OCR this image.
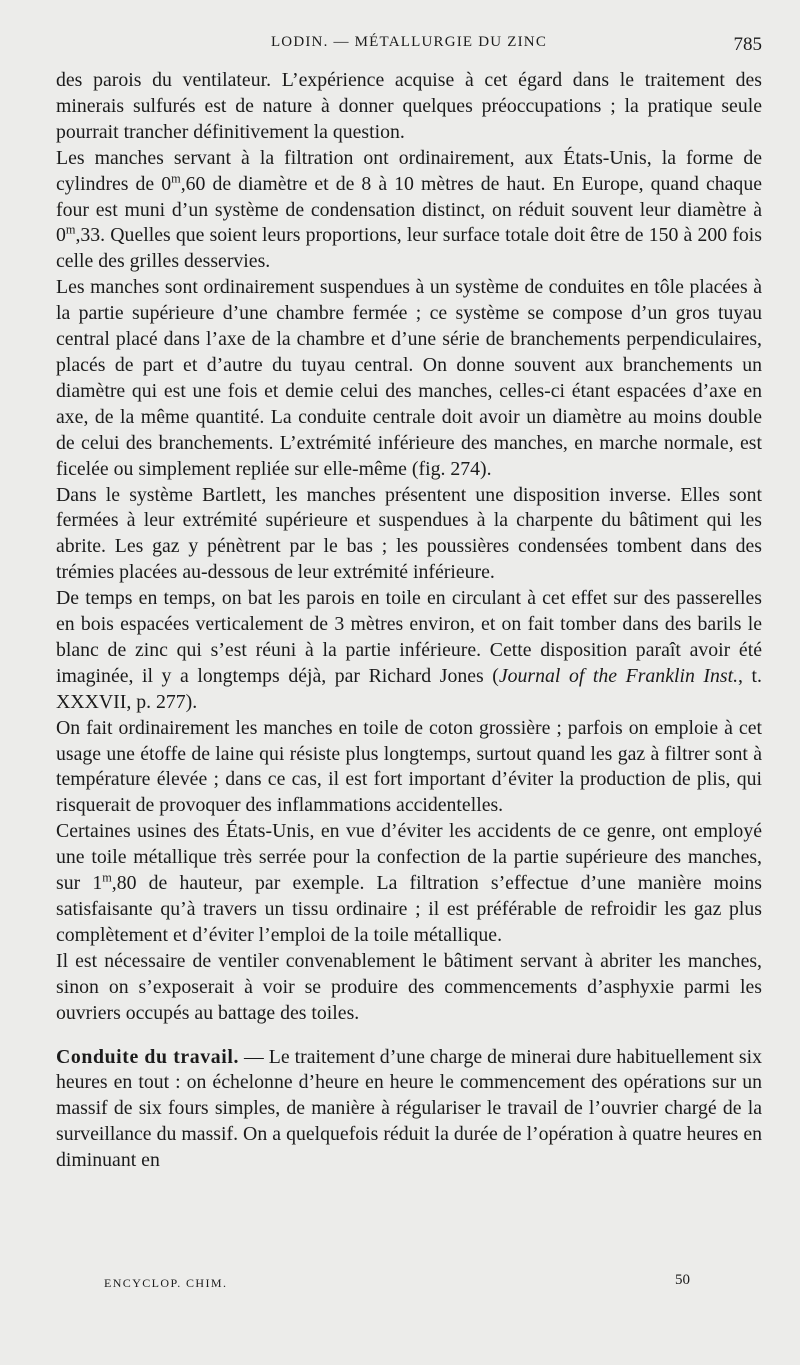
LODIN. — MÉTALLURGIE DU ZINC	785

des parois du ventilateur. L’expérience acquise à cet égard dans le traitement des minerais sulfurés est de nature à donner quelques préoccupations ; la pratique seule pourrait trancher définitivement la question.

Les manches servant à la filtration ont ordinairement, aux États-Unis, la forme de cylindres de 0$^m$,60 de diamètre et de 8 à 10 mètres de haut. En Europe, quand chaque four est muni d’un système de condensation distinct, on réduit souvent leur diamètre à 0$^m$,33. Quelles que soient leurs proportions, leur surface totale doit être de 150 à 200 fois celle des grilles desservies.

Les manches sont ordinairement suspendues à un système de conduites en tôle placées à la partie supérieure d’une chambre fermée ; ce système se compose d’un gros tuyau central placé dans l’axe de la chambre et d’une série de branchements perpendiculaires, placés de part et d’autre du tuyau central. On donne souvent aux branchements un diamètre qui est une fois et demie celui des manches, celles-ci étant espacées d’axe en axe, de la même quantité. La conduite centrale doit avoir un diamètre au moins double de celui des branchements. L’extrémité inférieure des manches, en marche normale, est ficelée ou simplement repliée sur elle-même (fig. 274).

Dans le système Bartlett, les manches présentent une disposition inverse. Elles sont fermées à leur extrémité supérieure et suspendues à la charpente du bâtiment qui les abrite. Les gaz y pénètrent par le bas ; les poussières condensées tombent dans des trémies placées au-dessous de leur extrémité inférieure.

De temps en temps, on bat les parois en toile en circulant à cet effet sur des passerelles en bois espacées verticalement de 3 mètres environ, et on fait tomber dans des barils le blanc de zinc qui s’est réuni à la partie inférieure. Cette disposition paraît avoir été imaginée, il y a longtemps déjà, par Richard Jones (Journal of the Franklin Inst., t. XXXVII, p. 277).

On fait ordinairement les manches en toile de coton grossière ; parfois on emploie à cet usage une étoffe de laine qui résiste plus longtemps, surtout quand les gaz à filtrer sont à température élevée ; dans ce cas, il est fort important d’éviter la production de plis, qui risquerait de provoquer des inflammations accidentelles.

Certaines usines des États-Unis, en vue d’éviter les accidents de ce genre, ont employé une toile métallique très serrée pour la confection de la partie supérieure des manches, sur 1$^m$,80 de hauteur, par exemple. La filtration s’effectue d’une manière moins satisfaisante qu’à travers un tissu ordinaire ; il est préférable de refroidir les gaz plus complètement et d’éviter l’emploi de la toile métallique.

Il est nécessaire de ventiler convenablement le bâtiment servant à abriter les manches, sinon on s’exposerait à voir se produire des commencements d’asphyxie parmi les ouvriers occupés au battage des toiles.

Conduite du travail. — Le traitement d’une charge de minerai dure habituellement six heures en tout : on échelonne d’heure en heure le commencement des opérations sur un massif de six fours simples, de manière à régulariser le travail de l’ouvrier chargé de la surveillance du massif. On a quelquefois réduit la durée de l’opération à quatre heures en diminuant en

ENCYCLOP. CHIM.	50
